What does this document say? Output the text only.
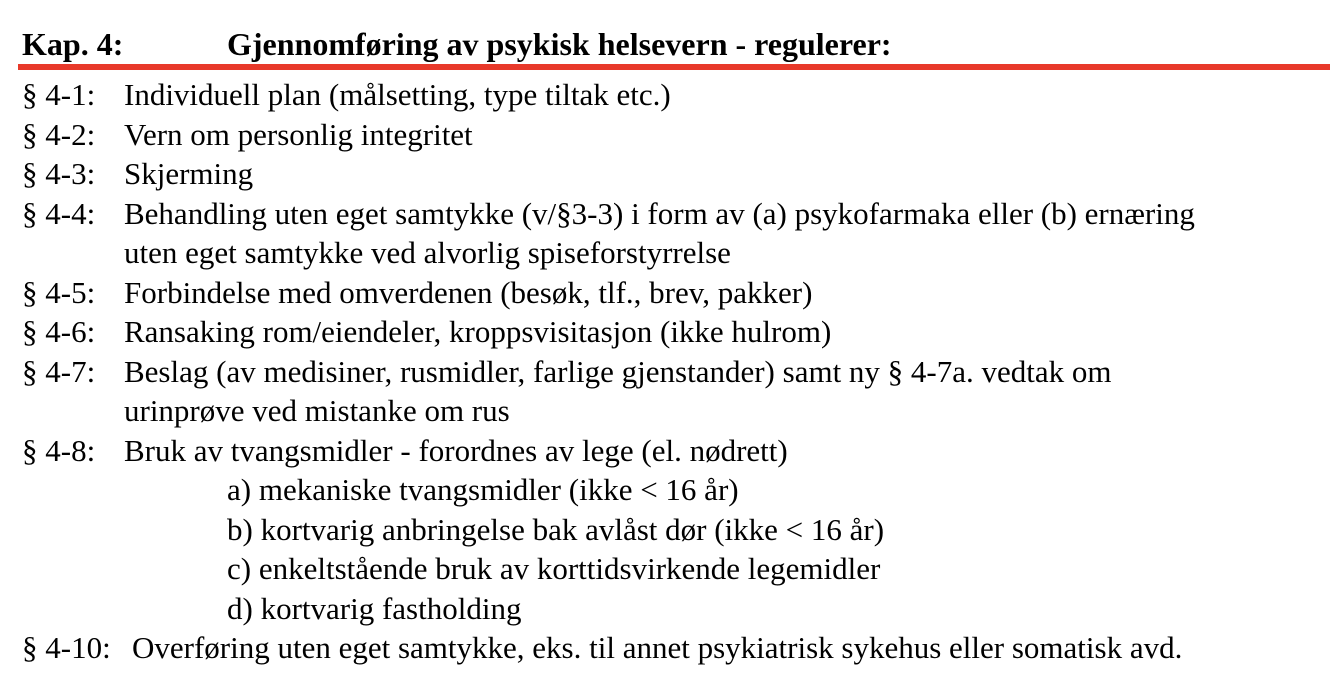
Kap. 4:	Gjennomføring av psykisk helsevern - regulerer:
§ 4-1: Individuell plan (målsetting, type tiltak etc.)
§ 4-2: Vern om personlig integritet
§ 4-3: Skjerming
§ 4-4: Behandling uten eget samtykke (v/§3-3) i form av (a) psykofarmaka eller (b) ernæring
uten eget samtykke ved alvorlig spiseforstyrrelse
§ 4-5: Forbindelse med omverdenen (besøk, tlf., brev, pakker)
§ 4-6: Ransaking rom/eiendeler, kroppsvisitasjon (ikke hulrom)
§ 4-7: Beslag (av medisiner, rusmidler, farlige gjenstander) samt ny § 4-7a. vedtak om
urinprøve ved mistanke om rus
§ 4-8: Bruk av tvangsmidler - forordnes av lege (el. nødrett)
a) mekaniske tvangsmidler (ikke < 16 år)
b) kortvarig anbringelse bak avlåst dør (ikke < 16 år)
c) enkeltstående bruk av korttidsvirkende legemidler
d) kortvarig fastholding
§ 4-10: Overføring uten eget samtykke, eks. til annet psykiatrisk sykehus eller somatisk avd.
